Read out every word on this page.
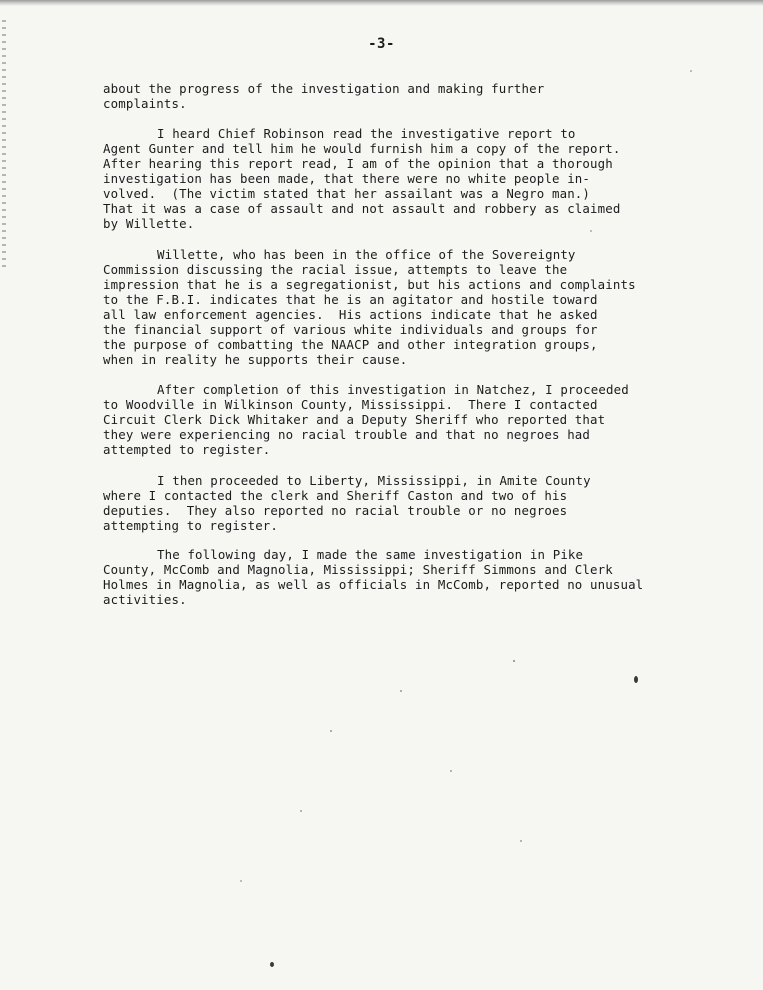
-3-
about the progress of the investigation and making further
complaints.
I heard Chief Robinson read the investigative report to
Agent Gunter and tell him he would furnish him a copy of the report.
After hearing this report read, I am of the opinion that a thorough
investigation has been made, that there were no white people in-
volved.  (The victim stated that her assailant was a Negro man.)
That it was a case of assault and not assault and robbery as claimed
by Willette.
Willette, who has been in the office of the Sovereignty
Commission discussing the racial issue, attempts to leave the
impression that he is a segregationist, but his actions and complaints
to the F.B.I. indicates that he is an agitator and hostile toward
all law enforcement agencies.  His actions indicate that he asked
the financial support of various white individuals and groups for
the purpose of combatting the NAACP and other integration groups,
when in reality he supports their cause.
After completion of this investigation in Natchez, I proceeded
to Woodville in Wilkinson County, Mississippi.  There I contacted
Circuit Clerk Dick Whitaker and a Deputy Sheriff who reported that
they were experiencing no racial trouble and that no negroes had
attempted to register.
I then proceeded to Liberty, Mississippi, in Amite County
where I contacted the clerk and Sheriff Caston and two of his
deputies.  They also reported no racial trouble or no negroes
attempting to register.
The following day, I made the same investigation in Pike
County, McComb and Magnolia, Mississippi; Sheriff Simmons and Clerk
Holmes in Magnolia, as well as officials in McComb, reported no unusual
activities.
